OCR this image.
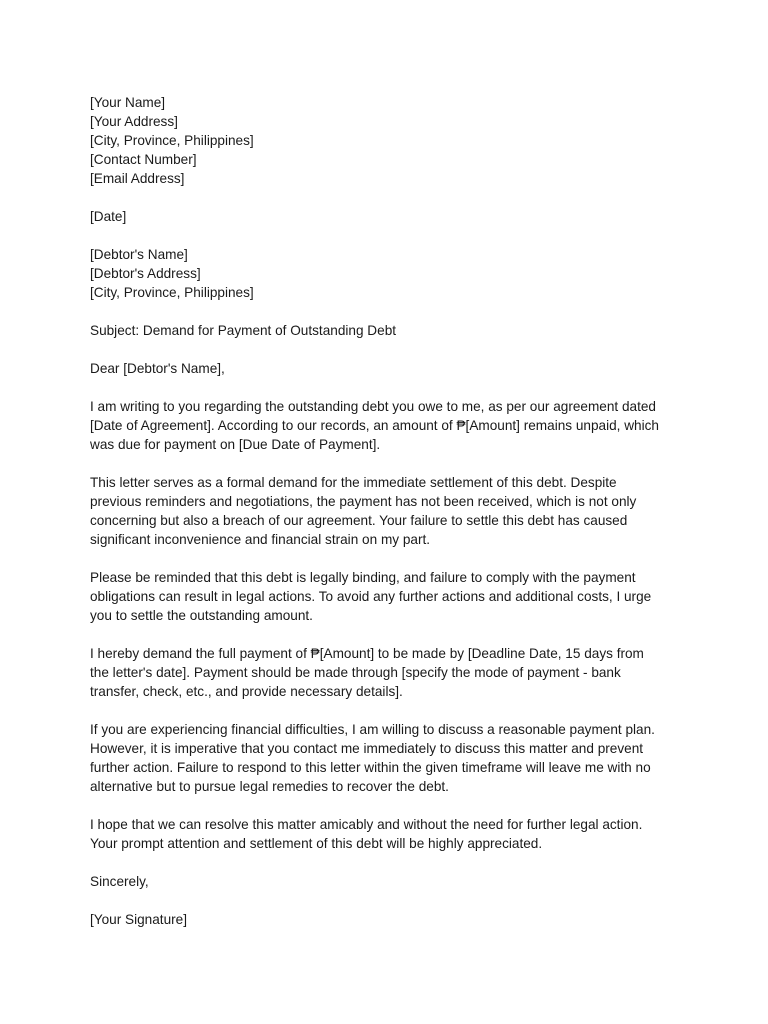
[Your Name]
[Your Address]
[City, Province, Philippines]
[Contact Number]
[Email Address]
[Date]
[Debtor's Name]
[Debtor's Address]
[City, Province, Philippines]
Subject: Demand for Payment of Outstanding Debt
Dear [Debtor's Name],
I am writing to you regarding the outstanding debt you owe to me, as per our agreement dated
[Date of Agreement]. According to our records, an amount of ₱[Amount] remains unpaid, which
was due for payment on [Due Date of Payment].
This letter serves as a formal demand for the immediate settlement of this debt. Despite
previous reminders and negotiations, the payment has not been received, which is not only
concerning but also a breach of our agreement. Your failure to settle this debt has caused
significant inconvenience and financial strain on my part.
Please be reminded that this debt is legally binding, and failure to comply with the payment
obligations can result in legal actions. To avoid any further actions and additional costs, I urge
you to settle the outstanding amount.
I hereby demand the full payment of ₱[Amount] to be made by [Deadline Date, 15 days from
the letter's date]. Payment should be made through [specify the mode of payment - bank
transfer, check, etc., and provide necessary details].
If you are experiencing financial difficulties, I am willing to discuss a reasonable payment plan.
However, it is imperative that you contact me immediately to discuss this matter and prevent
further action. Failure to respond to this letter within the given timeframe will leave me with no
alternative but to pursue legal remedies to recover the debt.
I hope that we can resolve this matter amicably and without the need for further legal action.
Your prompt attention and settlement of this debt will be highly appreciated.
Sincerely,
[Your Signature]
